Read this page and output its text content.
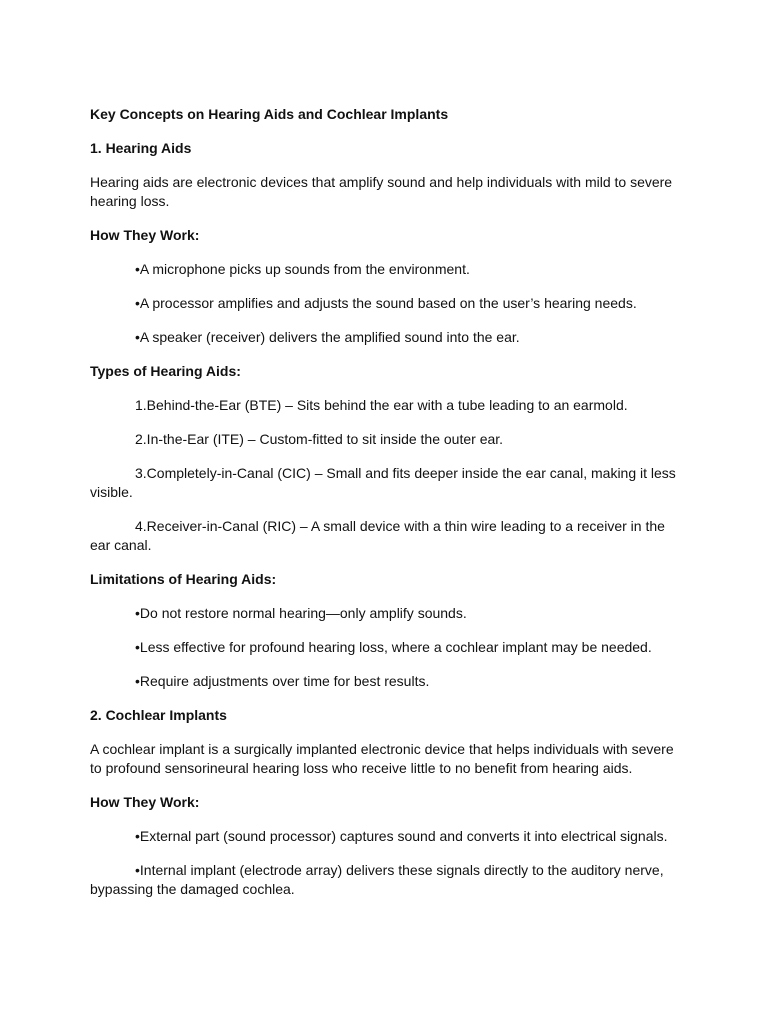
Key Concepts on Hearing Aids and Cochlear Implants

1. Hearing Aids

Hearing aids are electronic devices that amplify sound and help individuals with mild to severe hearing loss.

How They Work:

•A microphone picks up sounds from the environment.

•A processor amplifies and adjusts the sound based on the user’s hearing needs.

•A speaker (receiver) delivers the amplified sound into the ear.

Types of Hearing Aids:

1.Behind-the-Ear (BTE) – Sits behind the ear with a tube leading to an earmold.

2.In-the-Ear (ITE) – Custom-fitted to sit inside the outer ear.

3.Completely-in-Canal (CIC) – Small and fits deeper inside the ear canal, making it less visible.

4.Receiver-in-Canal (RIC) – A small device with a thin wire leading to a receiver in the ear canal.

Limitations of Hearing Aids:

•Do not restore normal hearing—only amplify sounds.

•Less effective for profound hearing loss, where a cochlear implant may be needed.

•Require adjustments over time for best results.

2. Cochlear Implants

A cochlear implant is a surgically implanted electronic device that helps individuals with severe to profound sensorineural hearing loss who receive little to no benefit from hearing aids.

How They Work:

•External part (sound processor) captures sound and converts it into electrical signals.

•Internal implant (electrode array) delivers these signals directly to the auditory nerve, bypassing the damaged cochlea.
